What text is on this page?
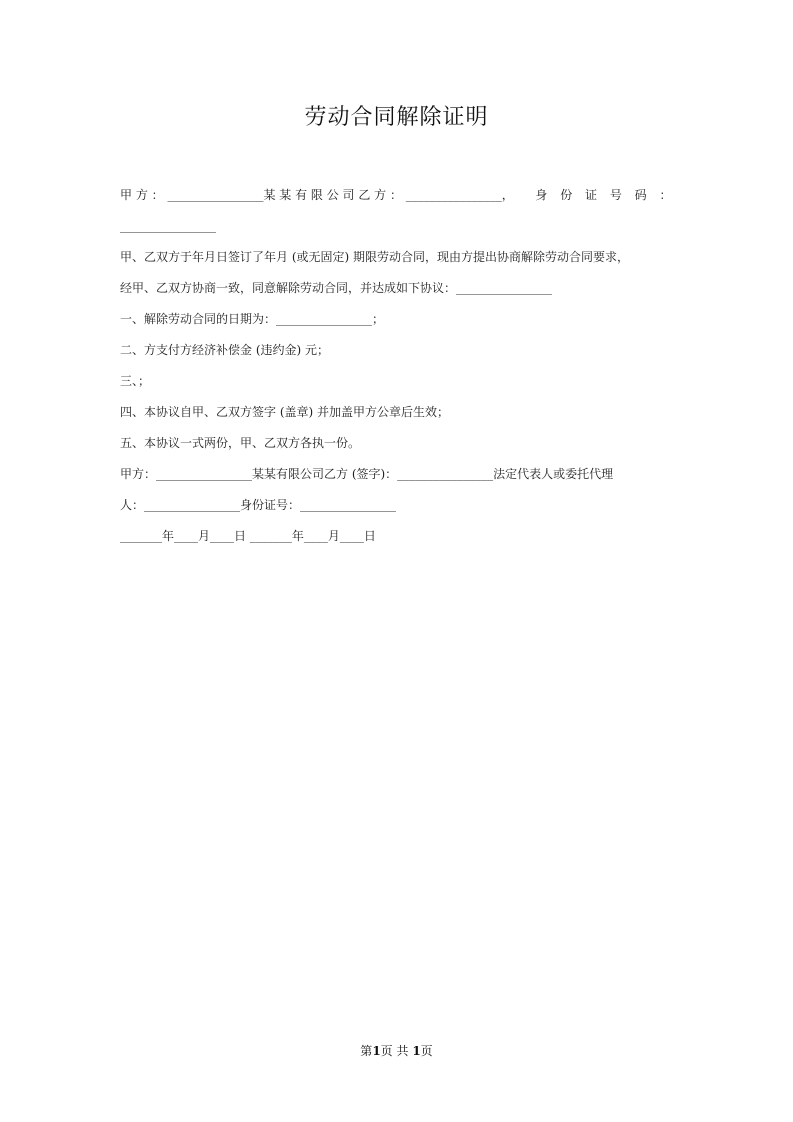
劳动合同解除证明
甲 方 ： ________________某 某 有 限 公 司 乙 方 ： ________________， 身 份 证 号 码 ：
________________
甲、乙双方于年月日签订了年月 (或无固定) 期限劳动合同，现由方提出协商解除劳动合同要求，
经甲、乙双方协商一致，同意解除劳动合同，并达成如下协议：________________
一、解除劳动合同的日期为：________________；
二、方支付方经济补偿金 (违约金) 元；
三、；
四、本协议自甲、乙双方签字 (盖章) 并加盖甲方公章后生效；
五、本协议一式两份，甲、乙双方各执一份。
甲方：________________某某有限公司乙方 (签字)：________________法定代表人或委托代理
人：________________身份证号：________________
_______年____月____日 _______年____月____日
第1页 共 1页
